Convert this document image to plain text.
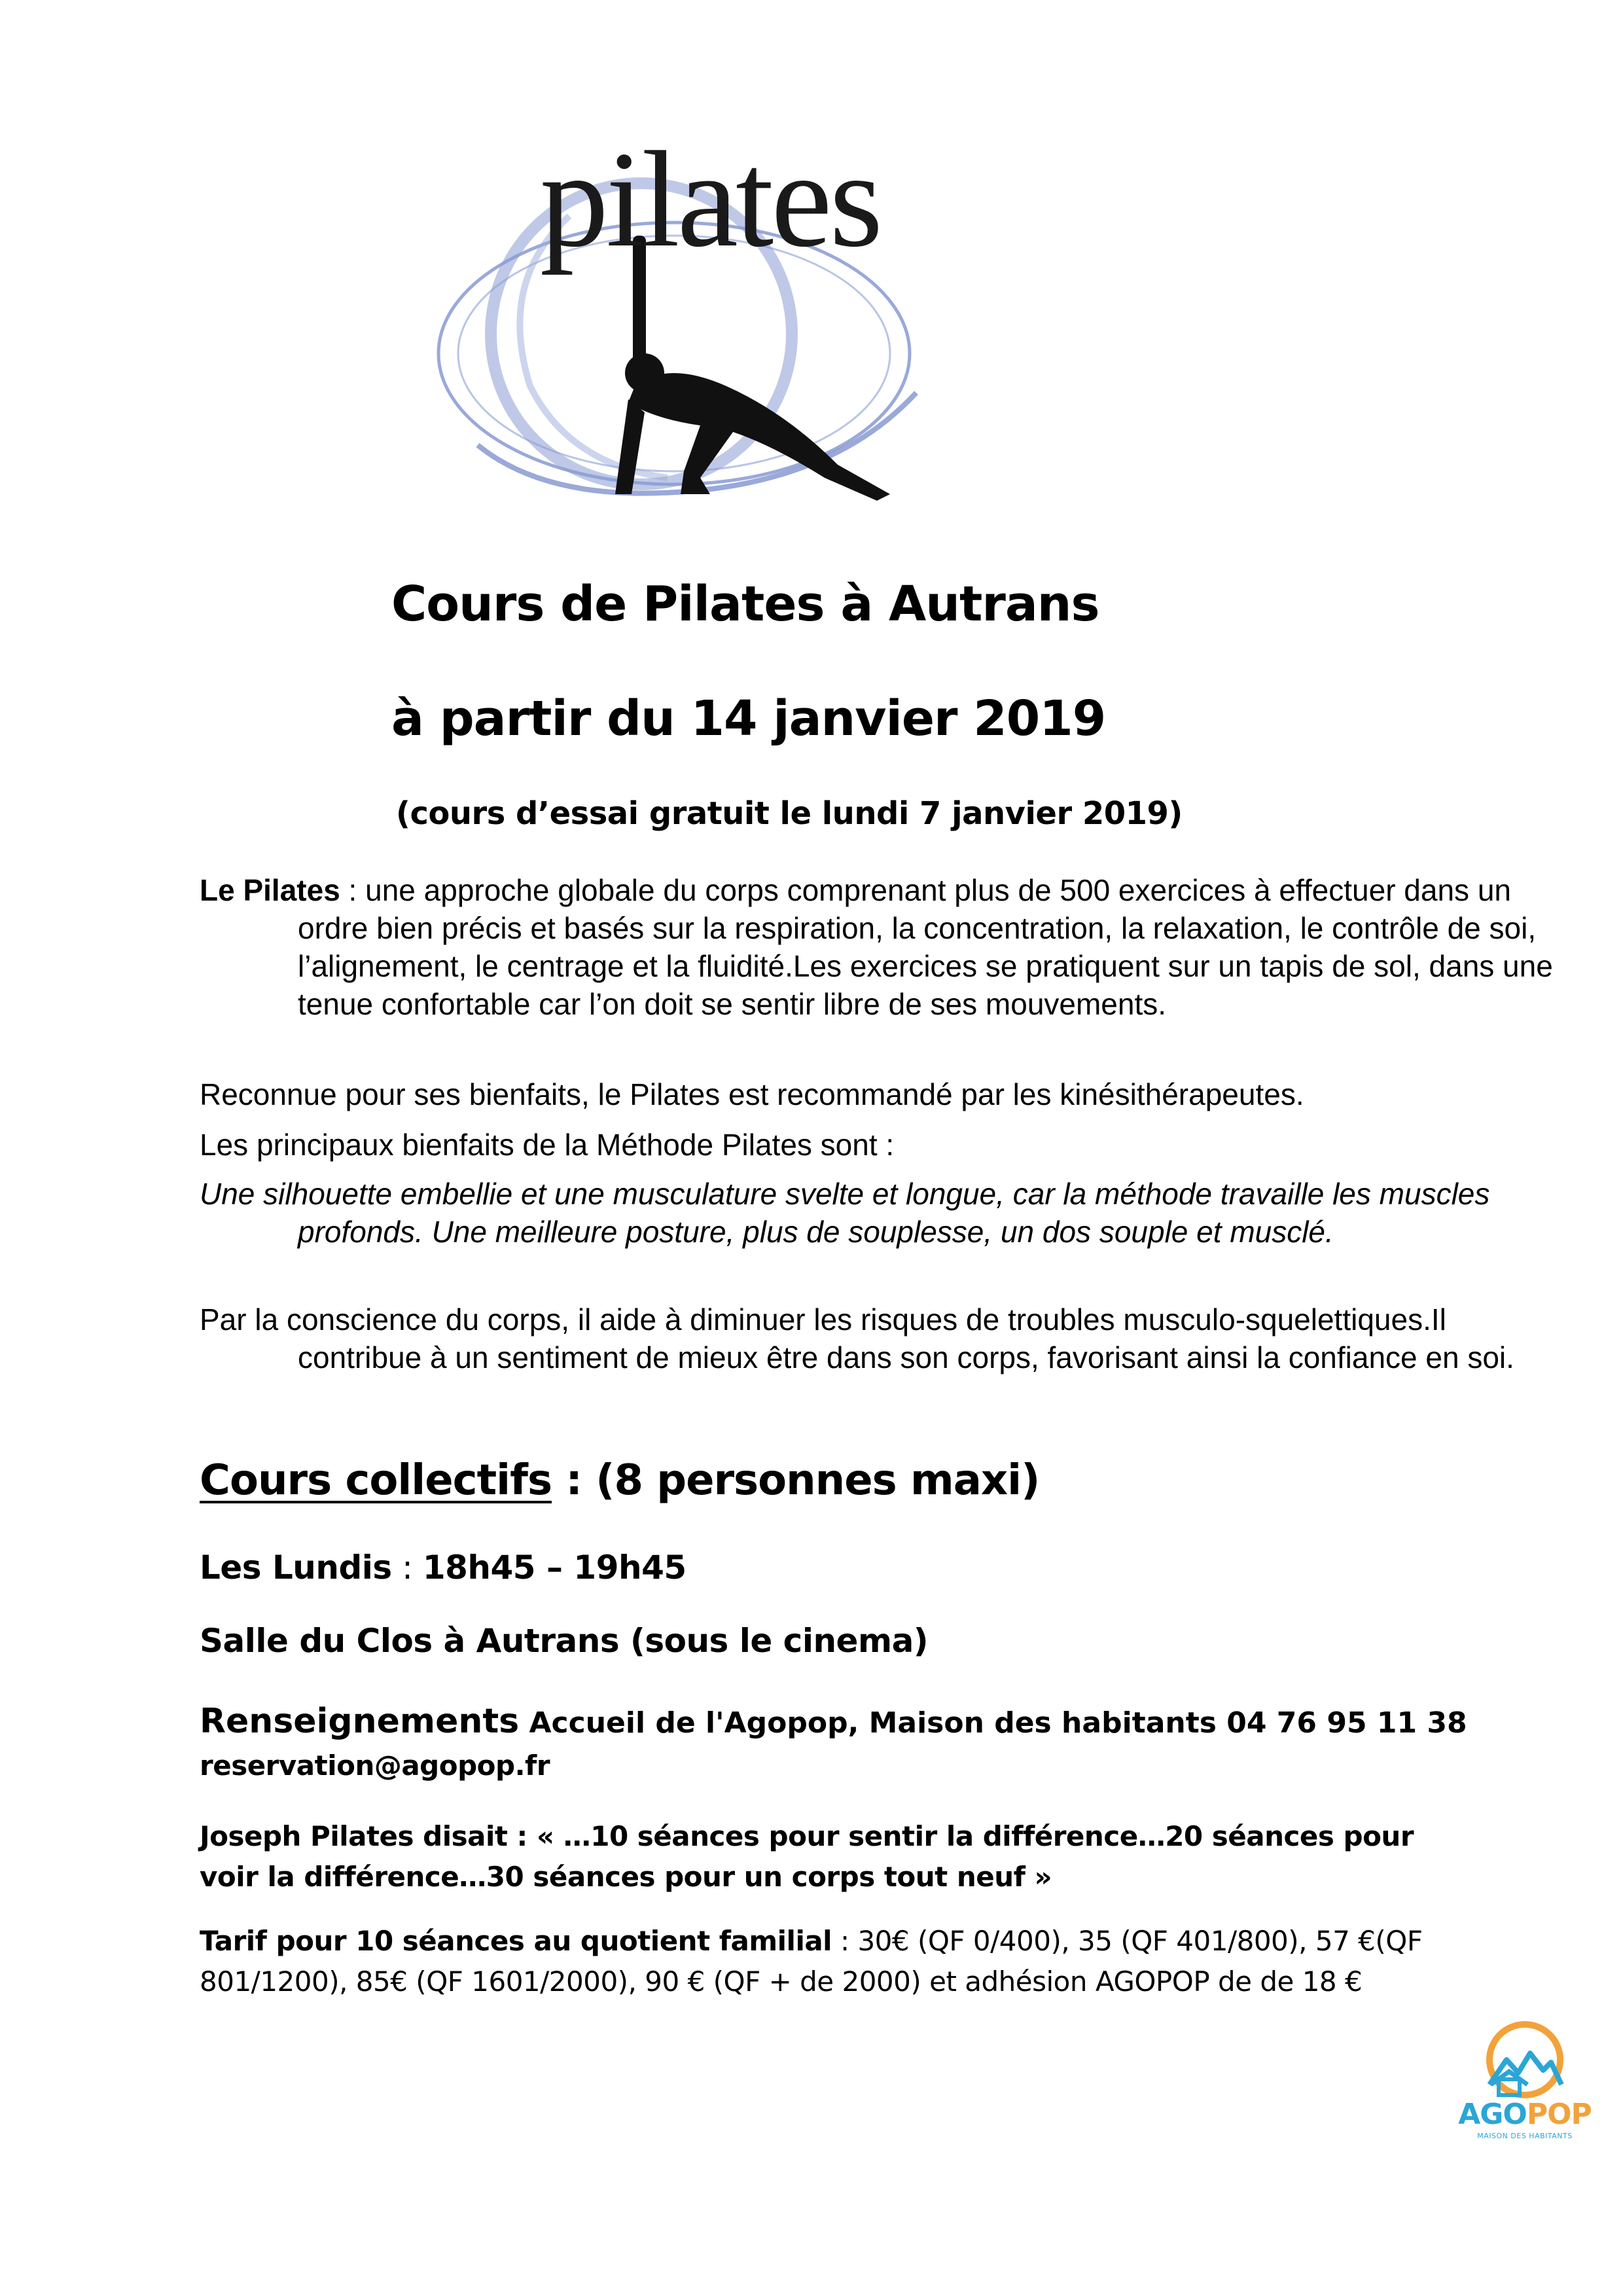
pilates

Cours de Pilates à Autrans
à partir du 14 janvier 2019
(cours d’essai gratuit le lundi 7 janvier 2019)
Le Pilates : une approche globale du corps comprenant plus de 500 exercices à effectuer dans un ordre bien précis et basés sur la respiration, la concentration, la relaxation, le contrôle de soi, l’alignement, le centrage et la fluidité.Les exercices se pratiquent sur un tapis de sol, dans une tenue confortable car l’on doit se sentir libre de ses mouvements.
Reconnue pour ses bienfaits, le Pilates est recommandé par les kinésithérapeutes.
Les principaux bienfaits de la Méthode Pilates sont :
Une silhouette embellie et une musculature svelte et longue, car la méthode travaille les muscles profonds. Une meilleure posture, plus de souplesse, un dos souple et musclé.
Par la conscience du corps, il aide à diminuer les risques de troubles musculo-squelettiques.Il contribue à un sentiment de mieux être dans son corps, favorisant ainsi la confiance en soi.
Cours collectifs : (8 personnes maxi)
Les Lundis : 18h45 – 19h45
Salle du Clos à Autrans (sous le cinema)
Renseignements Accueil de l'Agopop, Maison des habitants 04 76 95 11 38
reservation@agopop.fr
Joseph Pilates disait : « …10 séances pour sentir la différence…20 séances pour voir la différence…30 séances pour un corps tout neuf »
Tarif pour 10 séances au quotient familial : 30€ (QF 0/400), 35 (QF 401/800), 57 €(QF 801/1200), 85€ (QF 1601/2000), 90 € (QF + de 2000) et adhésion AGOPOP de de 18 €
AGOPOP
MAISON DES HABITANTS
